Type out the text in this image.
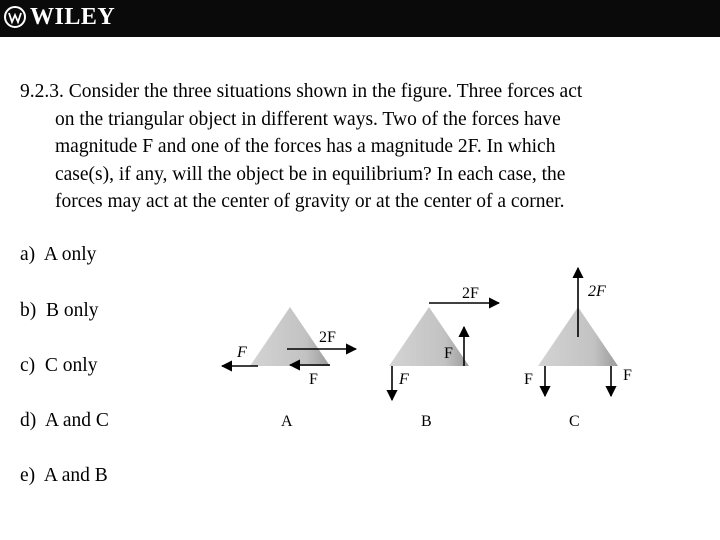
WILEY
9.2.3. Consider the three situations shown in the figure. Three forces act
on the triangular object in different ways. Two of the forces have
magnitude F and one of the forces has a magnitude 2F. In which
case(s), if any, will the object be in equilibrium? In each case, the
forces may act at the center of gravity or at the center of a corner.
a) A only
b) B only
c) C only
d) A and C
e) A and B
F
2F
F
A
2F
F
F
B
2F
F	F
C
